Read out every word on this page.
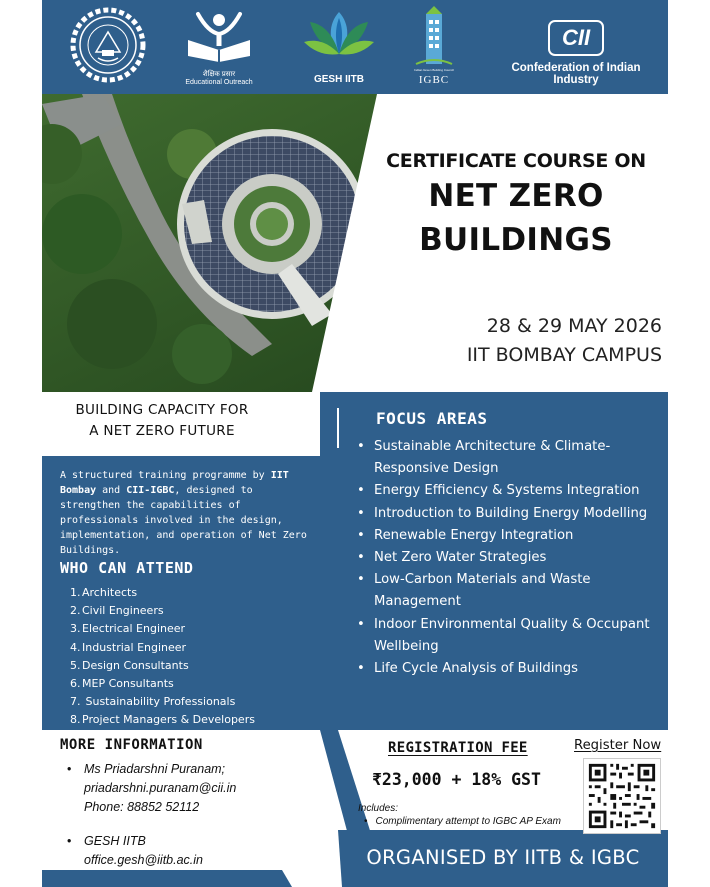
शैक्षिक प्रसार
Educational Outreach	GESH IITB
Indian Green Building Council
IGBC
CII
Confederation of Indian Industry
CERTIFICATE COURSE ON
NET ZERO
BUILDINGS
28 & 29 MAY 2026
IIT BOMBAY CAMPUS
BUILDING CAPACITY FOR
A NET ZERO FUTURE
A structured training programme by IIT Bombay and CII-IGBC, designed to strengthen the capabilities of professionals involved in the design, implementation, and operation of Net Zero Buildings.
WHO CAN ATTEND
1. Architects
2. Civil Engineers
3. Electrical Engineer
4. Industrial Engineer
5. Design Consultants
6. MEP Consultants
7. Sustainability Professionals
8. Project Managers & Developers
FOCUS AREAS
• Sustainable Architecture & Climate-Responsive Design
• Energy Efficiency & Systems Integration
• Introduction to Building Energy Modelling
• Renewable Energy Integration
• Net Zero Water Strategies
• Low-Carbon Materials and Waste Management
• Indoor Environmental Quality & Occupant Wellbeing
• Life Cycle Analysis of Buildings
MORE INFORMATION
• Ms Priadarshni Puranam;
priadarshni.puranam@cii.in
Phone: 88852 52112
• GESH IITB
office.gesh@iitb.ac.in
REGISTRATION FEE	Register Now
₹23,000 + 18% GST
Includes:
• Complimentary attempt to IGBC AP Exam
ORGANISED BY IITB & IGBC
